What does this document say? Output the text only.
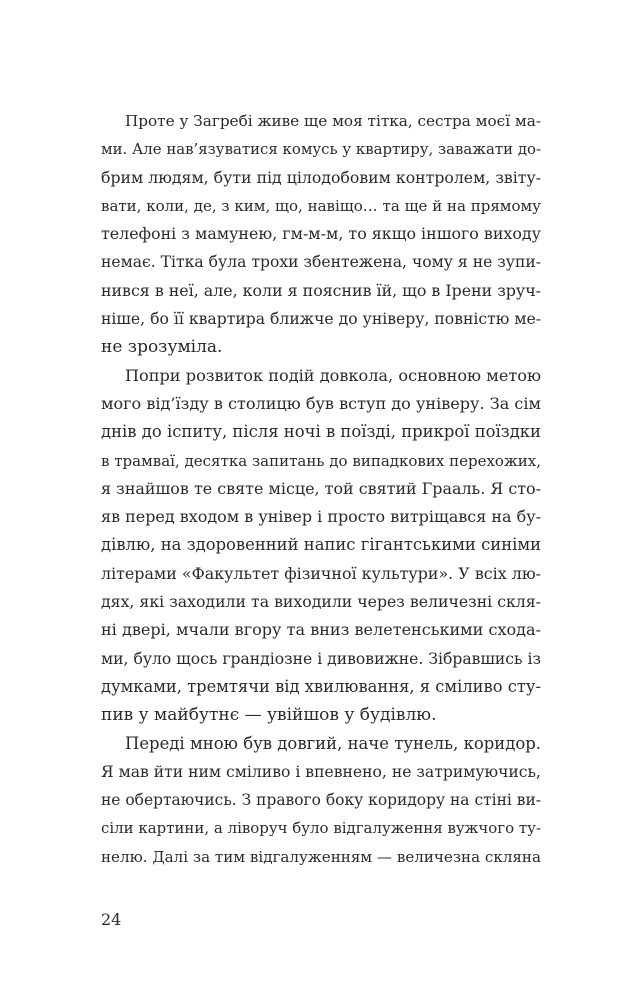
Проте у Загребі живе ще моя тітка, сестра моєї ма-
ми. Але нав’язуватися комусь у квартиру, заважати до-
брим людям, бути під цілодобовим контролем, звіту-
вати, коли, де, з ким, що, навіщо… та ще й на прямому
телефоні з мамунею, гм-м-м, то якщо іншого виходу
немає. Тітка була трохи збентежена, чому я не зупи-
нився в неї, але, коли я пояснив їй, що в Ірени зруч-
ніше, бо її квартира ближче до універу, повністю ме-
не зрозуміла.
Попри розвиток подій довкола, основною метою
мого від’їзду в столицю був вступ до універу. За сім
днів до іспиту, після ночі в поїзді, прикрої поїздки
в трамваї, десятка запитань до випадкових перехожих,
я знайшов те святе місце, той святий Грааль. Я сто-
яв перед входом в універ і просто витріщався на бу-
дівлю, на здоровенний напис гігантськими синіми
літерами «Факультет фізичної культури». У всіх лю-
дях, які заходили та виходили через величезні скля-
ні двері, мчали вгору та вниз велетенськими схода-
ми, було щось грандіозне і дивовижне. Зібравшись із
думками, тремтячи від хвилювання, я сміливо сту-
пив у майбутнє — увійшов у будівлю.
Переді мною був довгий, наче тунель, коридор.
Я мав йти ним сміливо і впевнено, не затримуючись,
не обертаючись. З правого боку коридору на стіні ви-
сіли картини, а ліворуч було відгалуження вужчого ту-
нелю. Далі за тим відгалуженням — величезна скляна
24
